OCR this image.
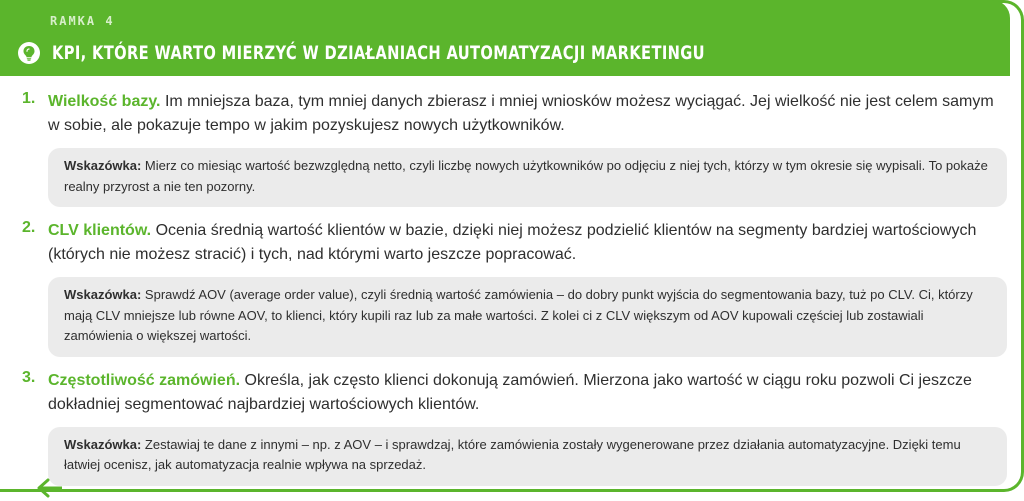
RAMKA 4
KPI, KTÓRE WARTO MIERZYĆ W DZIAŁANIACH AUTOMATYZACJI MARKETINGU
1. Wielkość bazy. Im mniejsza baza, tym mniej danych zbierasz i mniej wniosków możesz wyciągać. Jej wielkość nie jest celem samym w sobie, ale pokazuje tempo w jakim pozyskujesz nowych użytkowników.
Wskazówka: Mierz co miesiąc wartość bezwzględną netto, czyli liczbę nowych użytkowników po odjęciu z niej tych, którzy w tym okresie się wypisali. To pokaże realny przyrost a nie ten pozorny.
2. CLV klientów. Ocenia średnią wartość klientów w bazie, dzięki niej możesz podzielić klientów na segmenty bardziej wartościowych (których nie możesz stracić) i tych, nad którymi warto jeszcze popracować.
Wskazówka: Sprawdź AOV (average order value), czyli średnią wartość zamówienia – do dobry punkt wyjścia do segmentowania bazy, tuż po CLV. Ci, którzy mają CLV mniejsze lub równe AOV, to klienci, który kupili raz lub za małe wartości. Z kolei ci z CLV większym od AOV kupowali częściej lub zostawiali zamówienia o większej wartości.
3. Częstotliwość zamówień. Określa, jak często klienci dokonują zamówień. Mierzona jako wartość w ciągu roku pozwoli Ci jeszcze dokładniej segmentować najbardziej wartościowych klientów.
Wskazówka: Zestawiaj te dane z innymi – np. z AOV – i sprawdzaj, które zamówienia zostały wygenerowane przez działania automatyzacyjne. Dzięki temu łatwiej ocenisz, jak automatyzacja realnie wpływa na sprzedaż.
